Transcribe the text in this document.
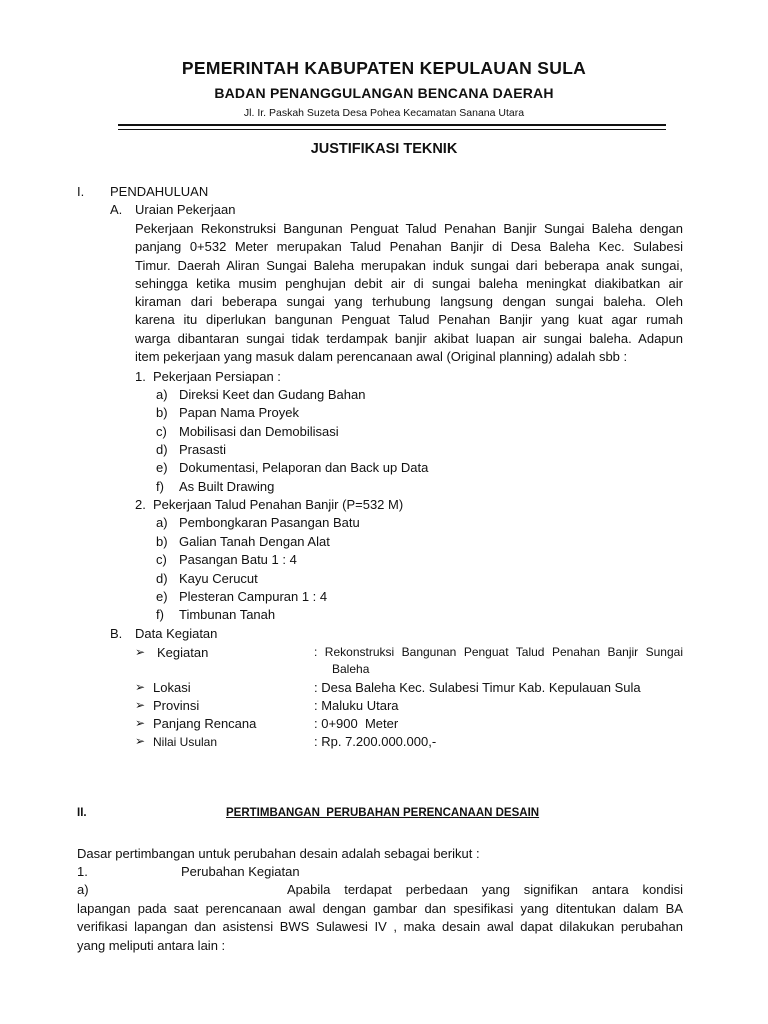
PEMERINTAH KABUPATEN KEPULAUAN SULA
BADAN PENANGGULANGAN BENCANA DAERAH
Jl. Ir. Paskah Suzeta Desa Pohea Kecamatan Sanana Utara
JUSTIFIKASI TEKNIK
I. PENDAHULUAN
A. Uraian Pekerjaan
Pekerjaan Rekonstruksi Bangunan Penguat Talud Penahan Banjir Sungai Baleha dengan
panjang 0+532 Meter merupakan Talud Penahan Banjir di Desa Baleha Kec. Sulabesi
Timur. Daerah Aliran Sungai Baleha merupakan induk sungai dari beberapa anak sungai,
sehingga ketika musim penghujan debit air di sungai baleha meningkat diakibatkan air
kiraman dari beberapa sungai yang terhubung langsung dengan sungai baleha. Oleh
karena itu diperlukan bangunan Penguat Talud Penahan Banjir yang kuat agar rumah
warga dibantaran sungai tidak terdampak banjir akibat luapan air sungai baleha. Adapun
item pekerjaan yang masuk dalam perencanaan awal (Original planning) adalah sbb :
1. Pekerjaan Persiapan :
a) Direksi Keet dan Gudang Bahan
b) Papan Nama Proyek
c) Mobilisasi dan Demobilisasi
d) Prasasti
e) Dokumentasi, Pelaporan dan Back up Data
f) As Built Drawing
2. Pekerjaan Talud Penahan Banjir (P=532 M)
a) Pembongkaran Pasangan Batu
b) Galian Tanah Dengan Alat
c) Pasangan Batu 1 : 4
d) Kayu Cerucut
e) Plesteran Campuran 1 : 4
f) Timbunan Tanah
B. Data Kegiatan
➢ Kegiatan	: Rekonstruksi Bangunan Penguat Talud Penahan Banjir Sungai
Baleha
➢ Lokasi	: Desa Baleha Kec. Sulabesi Timur Kab. Kepulauan Sula
➢ Provinsi	: Maluku Utara
➢ Panjang Rencana	: 0+900  Meter
➢ Nilai Usulan	: Rp. 7.200.000.000,-
II.	PERTIMBANGAN  PERUBAHAN PERENCANAAN DESAIN
Dasar pertimbangan untuk perubahan desain adalah sebagai berikut :
1.	Perubahan Kegiatan
a)	Apabila  terdapat  perbedaan  yang  signifikan  antara  kondisi
lapangan pada saat perencanaan awal dengan gambar dan spesifikasi yang ditentukan dalam BA
verifikasi lapangan dan asistensi BWS Sulawesi IV , maka desain awal dapat dilakukan perubahan
yang meliputi antara lain :
